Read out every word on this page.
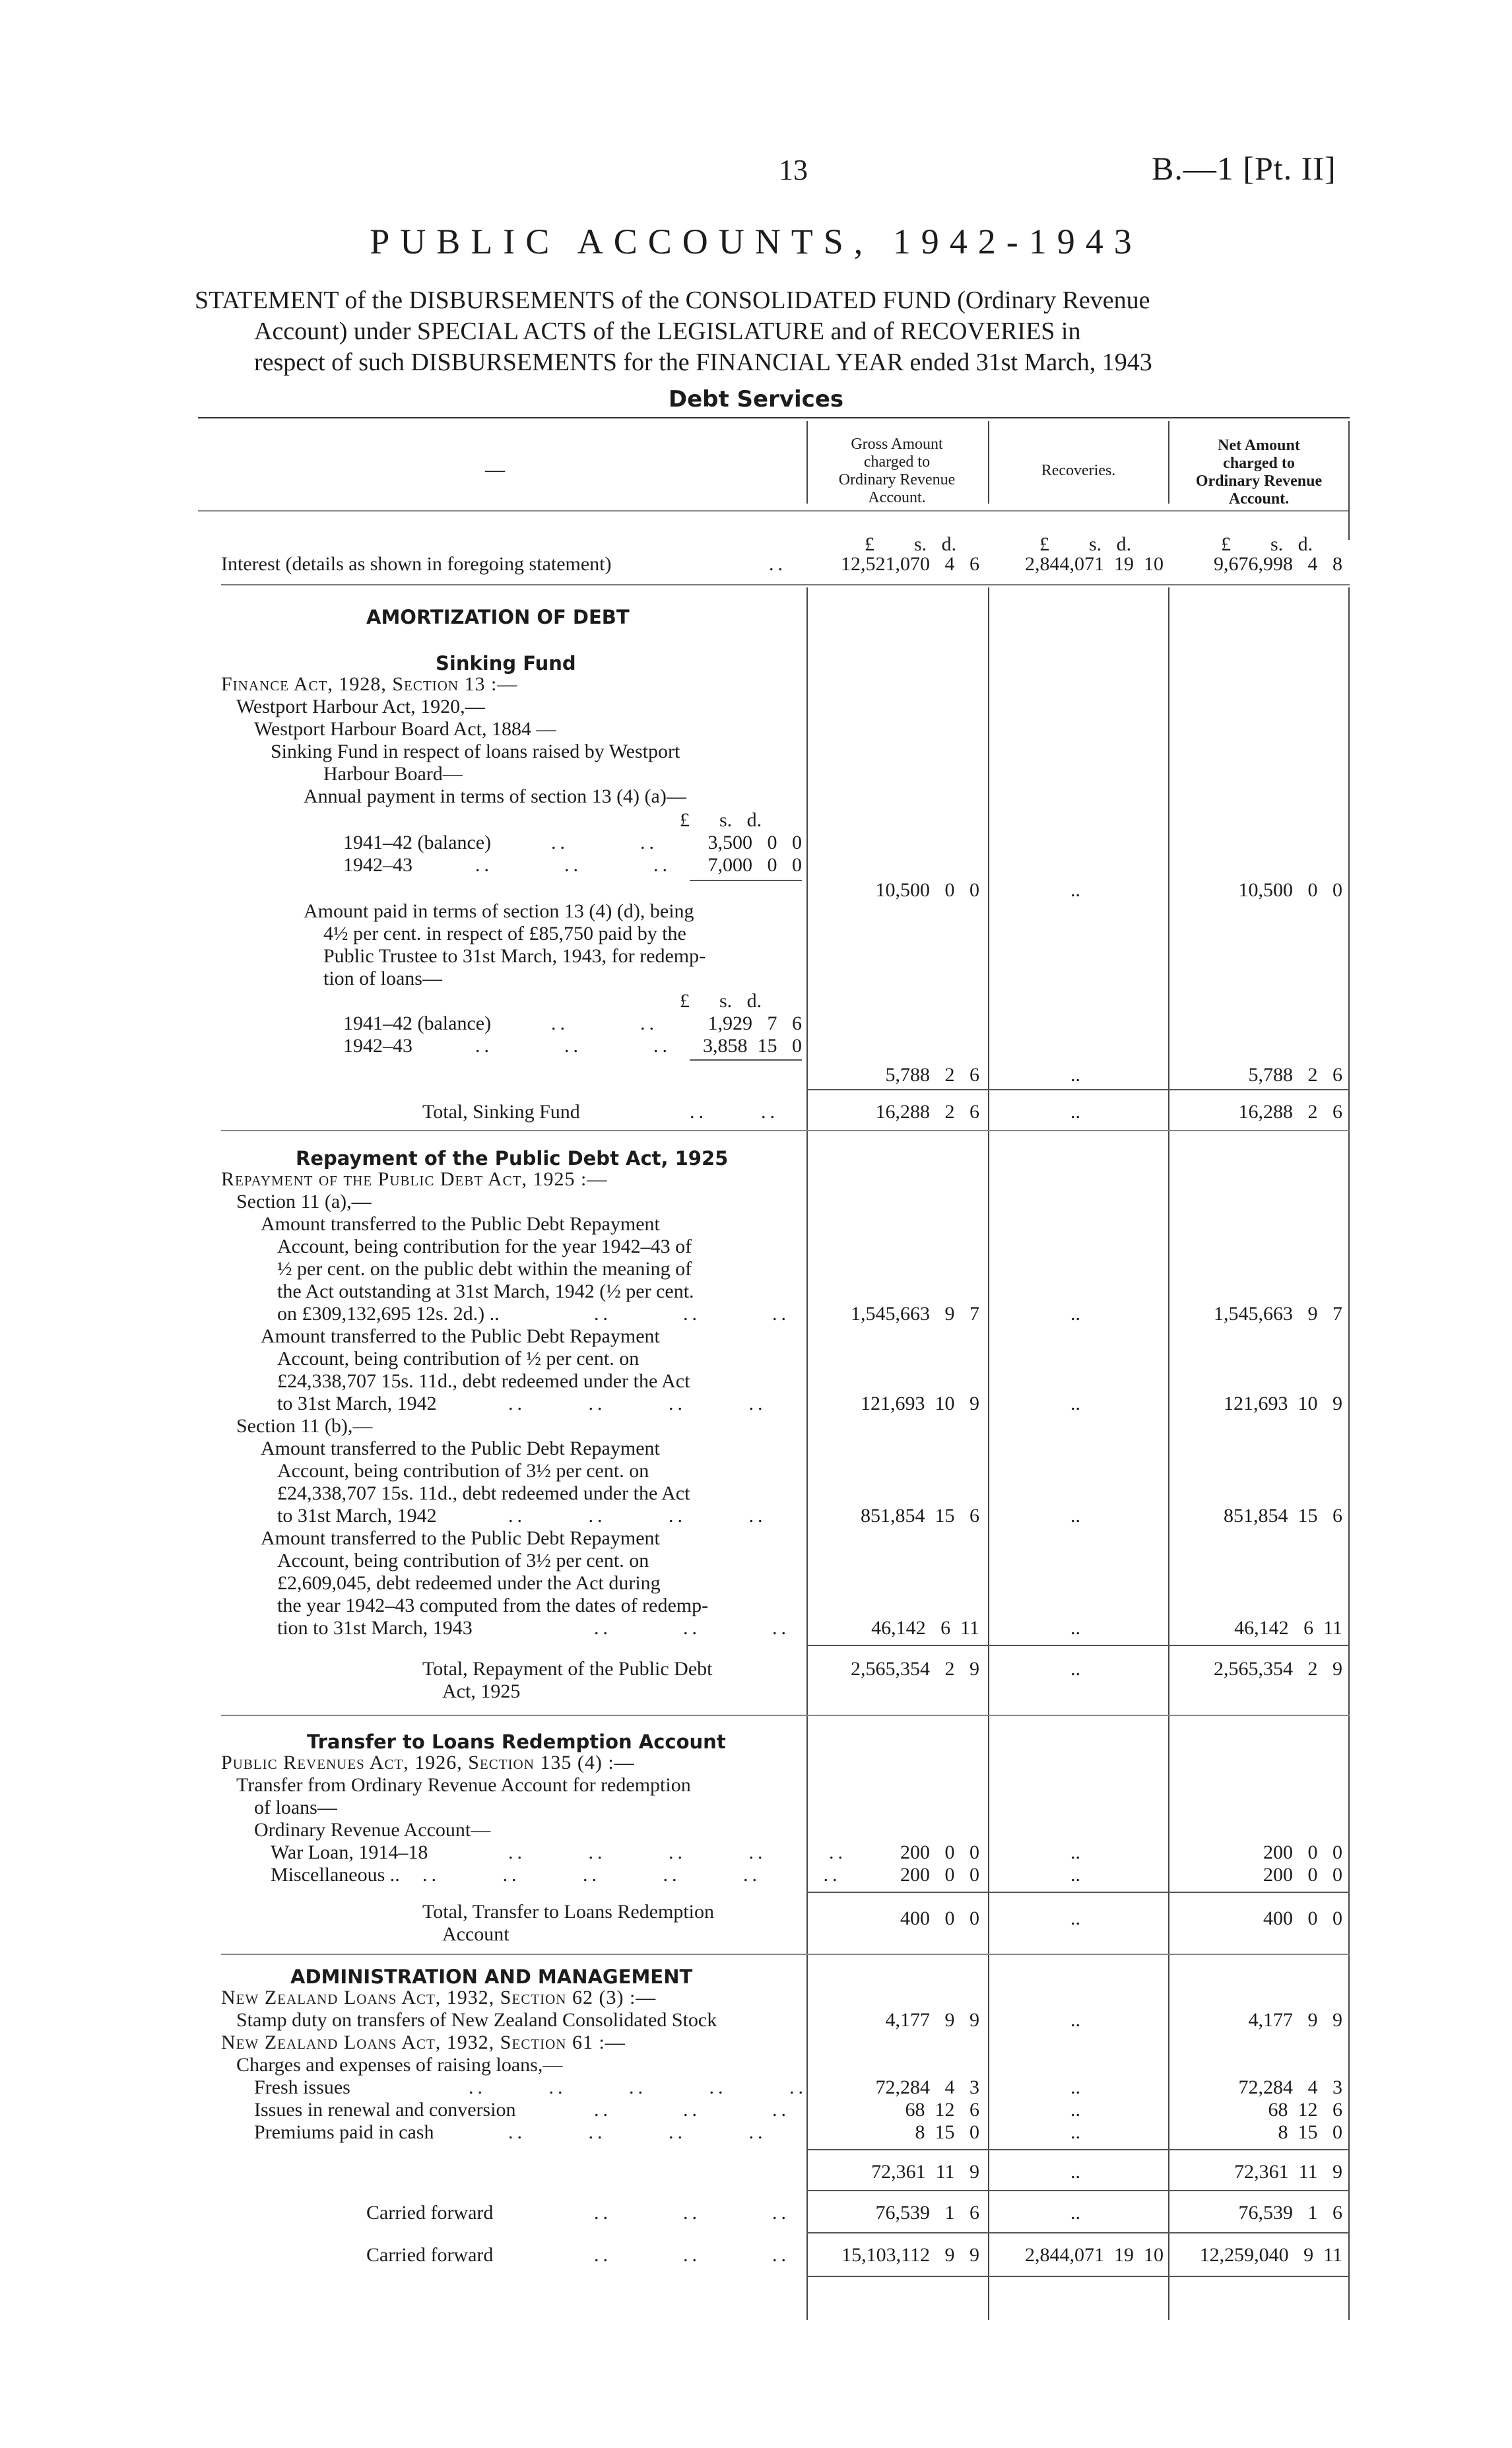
13	B.—1 [Pt. II]
PUBLIC ACCOUNTS, 1942-1943
STATEMENT of the DISBURSEMENTS of the CONSOLIDATED FUND (Ordinary Revenue
Account) under SPECIAL ACTS of the LEGISLATURE and of RECOVERIES in
respect of such DISBURSEMENTS for the FINANCIAL YEAR ended 31st March, 1943
Debt Services
—
Gross Amount
charged to
Ordinary Revenue
Account.
Recoveries.
Net Amount
charged to
Ordinary Revenue
Account.
£        s.   d.	£        s.   d.	£        s.   d.
Interest (details as shown in foregoing statement)	..	12,521,070   4   6	2,844,071  19  10	9,676,998   4   8
AMORTIZATION OF DEBT
Sinking Fund
Finance Act, 1928, Section 13 :—
Westport Harbour Act, 1920,—
Westport Harbour Board Act, 1884 —
Sinking Fund in respect of loans raised by Westport
Harbour Board—
Annual payment in terms of section 13 (4) (a)—
£      s.   d.
1941–42 (balance)	..        ..	3,500   0   0
1942–43	..        ..        ..	7,000   0   0
10,500   0   0	..	10,500   0   0
Amount paid in terms of section 13 (4) (d), being
4½ per cent. in respect of £85,750 paid by the
Public Trustee to 31st March, 1943, for redemp-
tion of loans—
£      s.   d.
1941–42 (balance)	..        ..	1,929   7   6
1942–43	..        ..        ..	3,858  15   0
5,788   2   6	..	5,788   2   6
Total, Sinking Fund	..      ..	16,288   2   6	..	16,288   2   6
Repayment of the Public Debt Act, 1925
Repayment of the Public Debt Act, 1925 :—
Section 11 (a),—
Amount transferred to the Public Debt Repayment
Account, being contribution for the year 1942–43 of
½ per cent. on the public debt within the meaning of
the Act outstanding at 31st March, 1942 (½ per cent.
on £309,132,695 12s. 2d.) ..	..        ..        ..	1,545,663   9   7	..	1,545,663   9   7
Amount transferred to the Public Debt Repayment
Account, being contribution of ½ per cent. on
£24,338,707 15s. 11d., debt redeemed under the Act
to 31st March, 1942	..       ..       ..       ..	121,693  10   9	..	121,693  10   9
Section 11 (b),—
Amount transferred to the Public Debt Repayment
Account, being contribution of 3½ per cent. on
£24,338,707 15s. 11d., debt redeemed under the Act
to 31st March, 1942	..       ..       ..       ..	851,854  15   6	..	851,854  15   6
Amount transferred to the Public Debt Repayment
Account, being contribution of 3½ per cent. on
£2,609,045, debt redeemed under the Act during
the year 1942–43 computed from the dates of redemp-
tion to 31st March, 1943	..        ..        ..	46,142   6  11	..	46,142   6  11
Total, Repayment of the Public Debt
Act, 1925
2,565,354   2   9	..	2,565,354   2   9
Transfer to Loans Redemption Account
Public Revenues Act, 1926, Section 135 (4) :—
Transfer from Ordinary Revenue Account for redemption
of loans—
Ordinary Revenue Account—
War Loan, 1914–18	..       ..       ..       ..       ..	200   0   0	..	200   0   0
Miscellaneous .. ..       ..       ..       ..       ..       ..	200   0   0	..	200   0   0
Total, Transfer to Loans Redemption
Account
400   0   0	..	400   0   0
ADMINISTRATION AND MANAGEMENT
New Zealand Loans Act, 1932, Section 62 (3) :—
Stamp duty on transfers of New Zealand Consolidated Stock	4,177   9   9	..	4,177   9   9
New Zealand Loans Act, 1932, Section 61 :—
Charges and expenses of raising loans,—
Fresh issues	..       ..       ..       ..       ..	72,284   4   3	..	72,284   4   3
Issues in renewal and conversion	..        ..        ..	68  12   6	..	68  12   6
Premiums paid in cash	..       ..       ..       ..	8  15   0	..	8  15   0
72,361  11   9	..	72,361  11   9
Carried forward	..        ..        ..	76,539   1   6	..	76,539   1   6
Carried forward	..        ..        ..	15,103,112   9   9	2,844,071  19  10	12,259,040   9  11
